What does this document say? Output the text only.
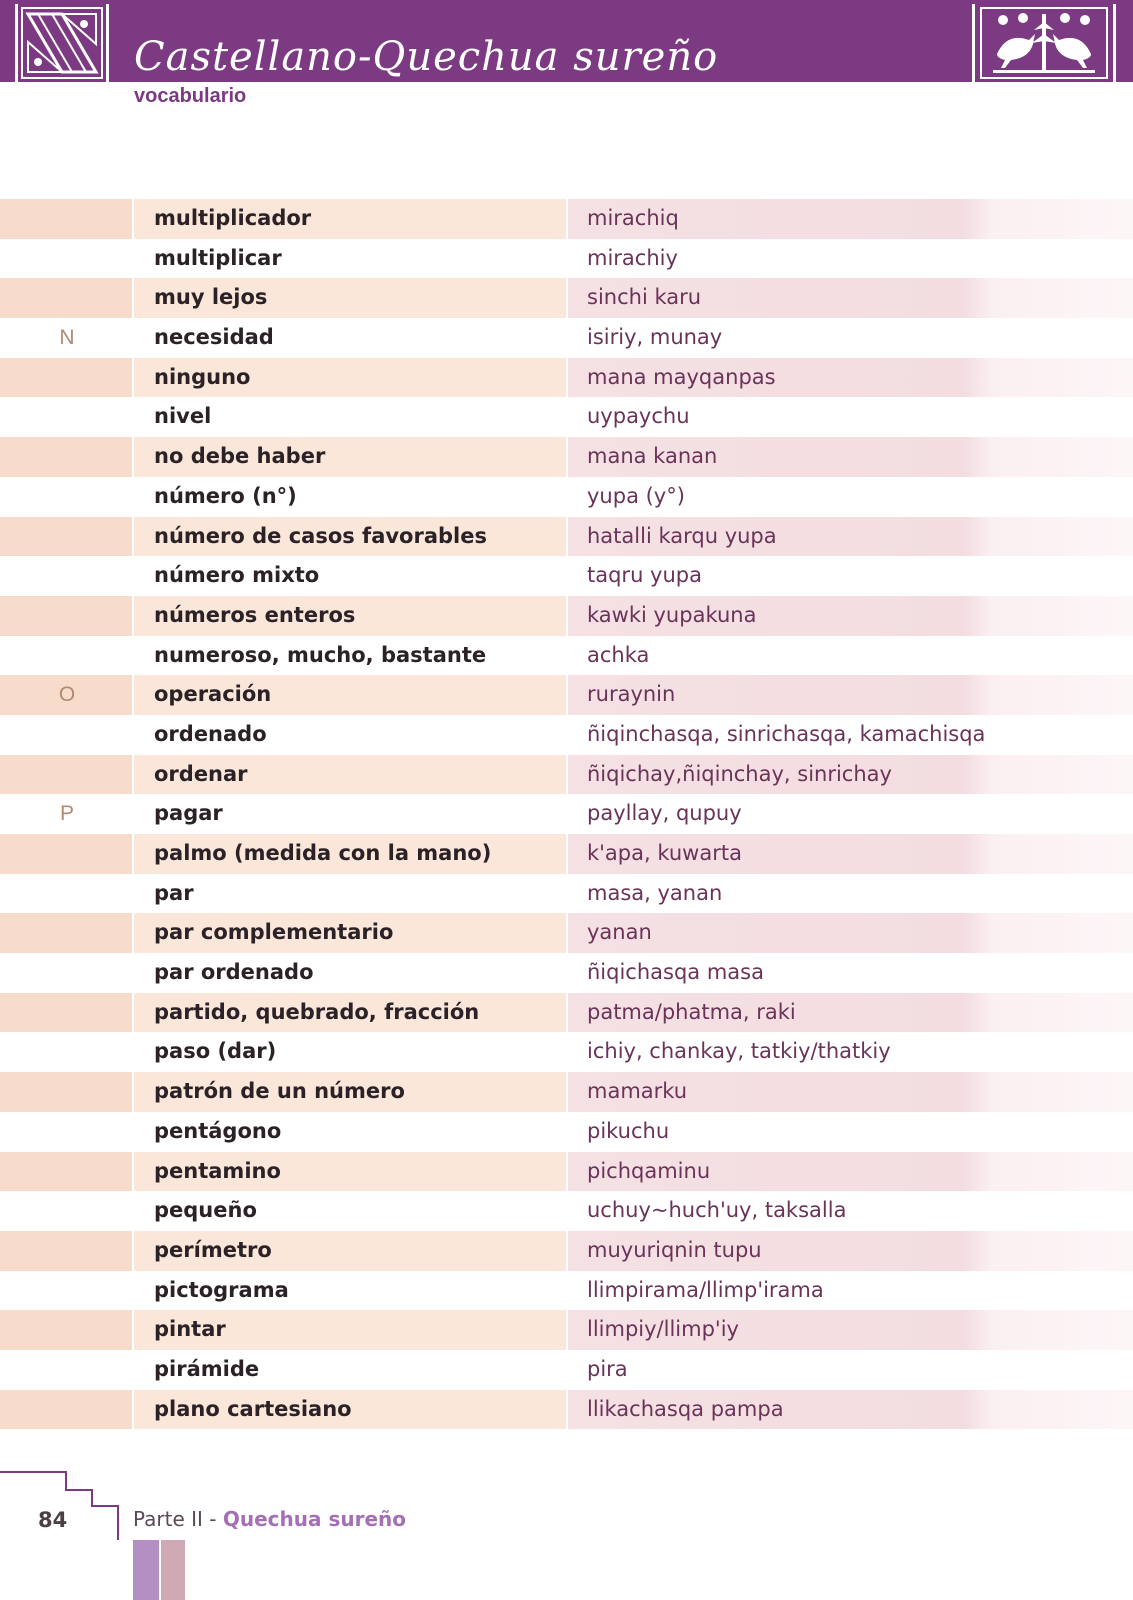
Castellano-Quechua sureño
vocabulario
multiplicador	mirachiq
multiplicar	mirachiy
muy lejos	sinchi karu
N	necesidad	isiriy, munay
ninguno	mana mayqanpas
nivel	uypaychu
no debe haber	mana kanan
número (n°)	yupa (y°)
número de casos favorables	hatalli karqu yupa
número mixto	taqru yupa
números enteros	kawki yupakuna
numeroso, mucho, bastante	achka
O	operación	ruraynin
ordenado	ñiqinchasqa, sinrichasqa, kamachisqa
ordenar	ñiqichay,ñiqinchay, sinrichay
P	pagar	payllay, qupuy
palmo (medida con la mano)	k'apa, kuwarta
par	masa, yanan
par complementario	yanan
par ordenado	ñiqichasqa masa
partido, quebrado, fracción	patma/phatma, raki
paso (dar)	ichiy, chankay, tatkiy/thatkiy
patrón de un número	mamarku
pentágono	pikuchu
pentamino	pichqaminu
pequeño	uchuy~huch'uy, taksalla
perímetro	muyuriqnin tupu
pictograma	llimpirama/llimp'irama
pintar	llimpiy/llimp'iy
pirámide	pira
plano cartesiano	llikachasqa pampa
84	Parte II - Quechua sureño
